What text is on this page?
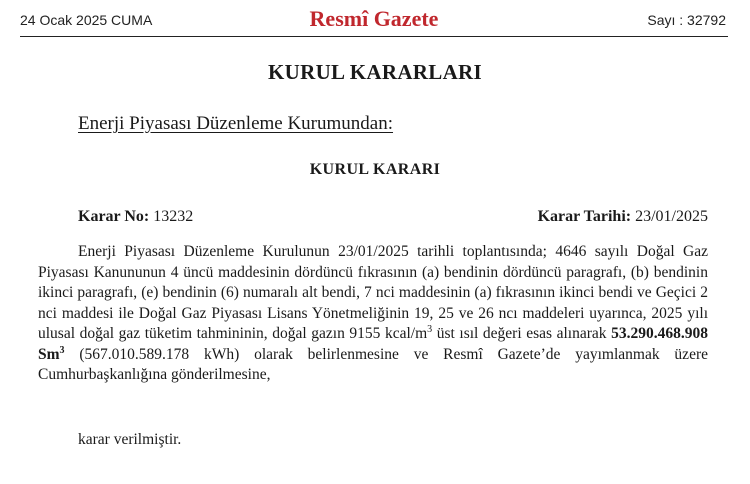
24 Ocak 2025 CUMA	Resmî Gazete	Sayı : 32792
KURUL KARARLARI
Enerji Piyasası Düzenleme Kurumundan:
KURUL KARARI
Karar No: 13232	Karar Tarihi: 23/01/2025
Enerji Piyasası Düzenleme Kurulunun 23/01/2025 tarihli toplantısında; 4646 sayılı Doğal Gaz Piyasası Kanununun 4 üncü maddesinin dördüncü fıkrasının (a) bendinin dördüncü paragrafı, (b) bendinin ikinci paragrafı, (e) bendinin (6) numaralı alt bendi, 7 nci maddesinin (a) fıkrasının ikinci bendi ve Geçici 2 nci maddesi ile Doğal Gaz Piyasası Lisans Yönetmeliğinin 19, 25 ve 26 ncı maddeleri uyarınca, 2025 yılı ulusal doğal gaz tüketim tahmininin, doğal gazın 9155 kcal/$m^3$ üst ısıl değeri esas alınarak 53.290.468.908 Sm$^3$ (567.010.589.178 kWh) olarak belirlenmesine ve Resmî Gazete’de yayımlanmak üzere Cumhurbaşkanlığına gönderilmesine,
karar verilmiştir.
